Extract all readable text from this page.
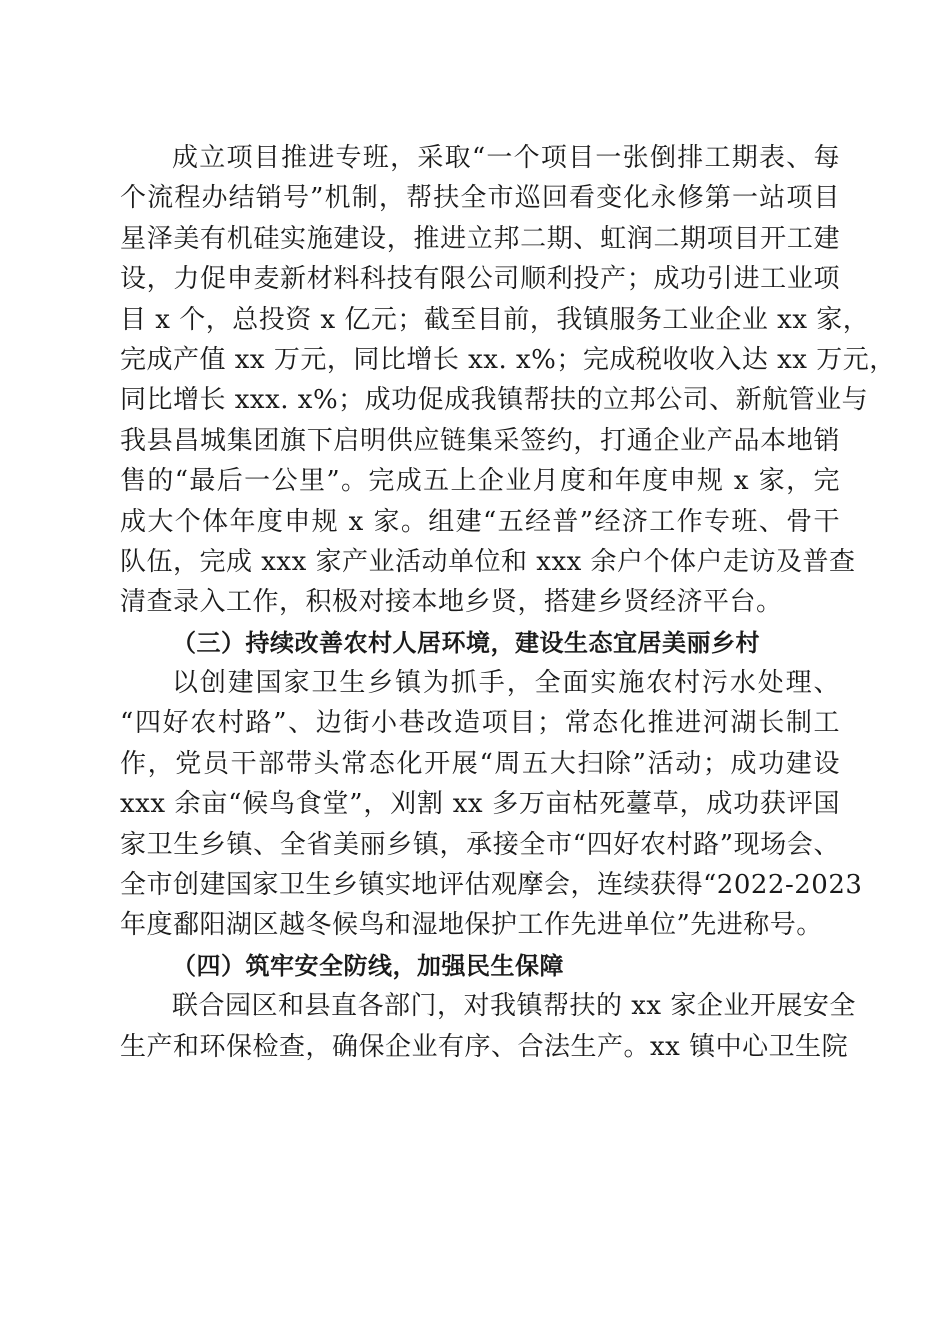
成立项目推进专班，采取“一个项目一张倒排工期表、每
个流程办结销号”机制，帮扶全市巡回看变化永修第一站项目
星泽美有机硅实施建设，推进立邦二期、虹润二期项目开工建
设，力促申麦新材料科技有限公司顺利投产；成功引进工业项
目 x 个，总投资 x 亿元；截至目前，我镇服务工业企业 xx 家，
完成产值 xx 万元，同比增长 xx. x%；完成税收收入达 xx 万元，
同比增长 xxx. x%；成功促成我镇帮扶的立邦公司、新航管业与
我县昌城集团旗下启明供应链集采签约，打通企业产品本地销
售的“最后一公里”。完成五上企业月度和年度申规 x 家，完
成大个体年度申规 x 家。组建“五经普”经济工作专班、骨干
队伍，完成 xxx 家产业活动单位和 xxx 余户个体户走访及普查
清查录入工作，积极对接本地乡贤，搭建乡贤经济平台。
（三）持续改善农村人居环境，建设生态宜居美丽乡村
以创建国家卫生乡镇为抓手，全面实施农村污水处理、
“四好农村路”、边街小巷改造项目；常态化推进河湖长制工
作，党员干部带头常态化开展“周五大扫除”活动；成功建设
xxx 余亩“候鸟食堂”，刈割 xx 多万亩枯死薹草，成功获评国
家卫生乡镇、全省美丽乡镇，承接全市“四好农村路”现场会、
全市创建国家卫生乡镇实地评估观摩会，连续获得“2022-2023
年度鄱阳湖区越冬候鸟和湿地保护工作先进单位”先进称号。
（四）筑牢安全防线，加强民生保障
联合园区和县直各部门，对我镇帮扶的 xx 家企业开展安全
生产和环保检查，确保企业有序、合法生产。xx 镇中心卫生院
